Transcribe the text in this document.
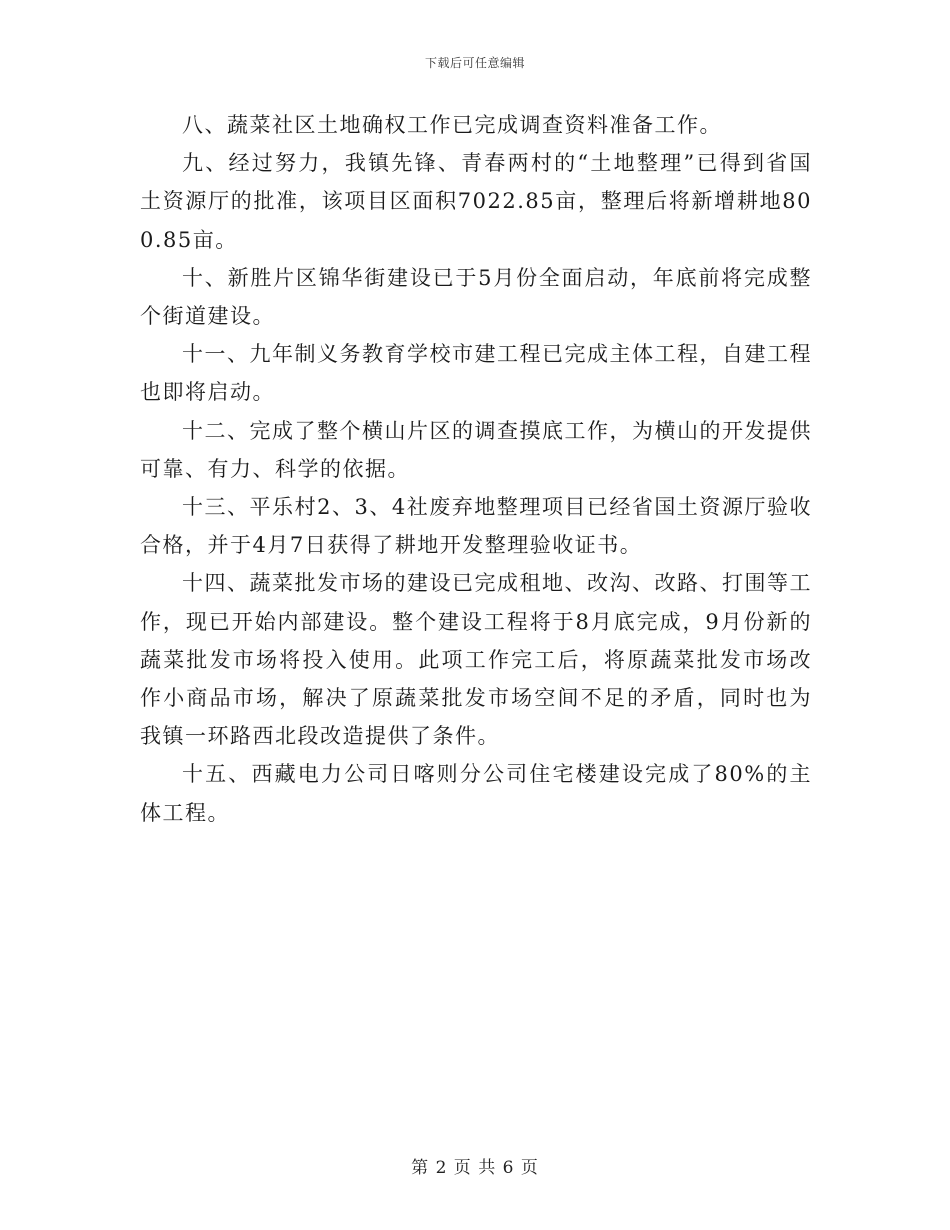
下载后可任意编辑

八、蔬菜社区土地确权工作已完成调查资料准备工作。

九、经过努力，我镇先锋、青春两村的“土地整理”已得到省国土资源厅的批准，该项目区面积7022.85亩，整理后将新增耕地800.85亩。

十、新胜片区锦华街建设已于5月份全面启动，年底前将完成整个街道建设。

十一、九年制义务教育学校市建工程已完成主体工程，自建工程也即将启动。

十二、完成了整个横山片区的调查摸底工作，为横山的开发提供可靠、有力、科学的依据。

十三、平乐村2、3、4社废弃地整理项目已经省国土资源厅验收合格，并于4月7日获得了耕地开发整理验收证书。

十四、蔬菜批发市场的建设已完成租地、改沟、改路、打围等工作，现已开始内部建设。整个建设工程将于8月底完成，9月份新的蔬菜批发市场将投入使用。此项工作完工后，将原蔬菜批发市场改作小商品市场，解决了原蔬菜批发市场空间不足的矛盾，同时也为我镇一环路西北段改造提供了条件。

十五、西藏电力公司日喀则分公司住宅楼建设完成了80%的主体工程。

第 2 页 共 6 页
